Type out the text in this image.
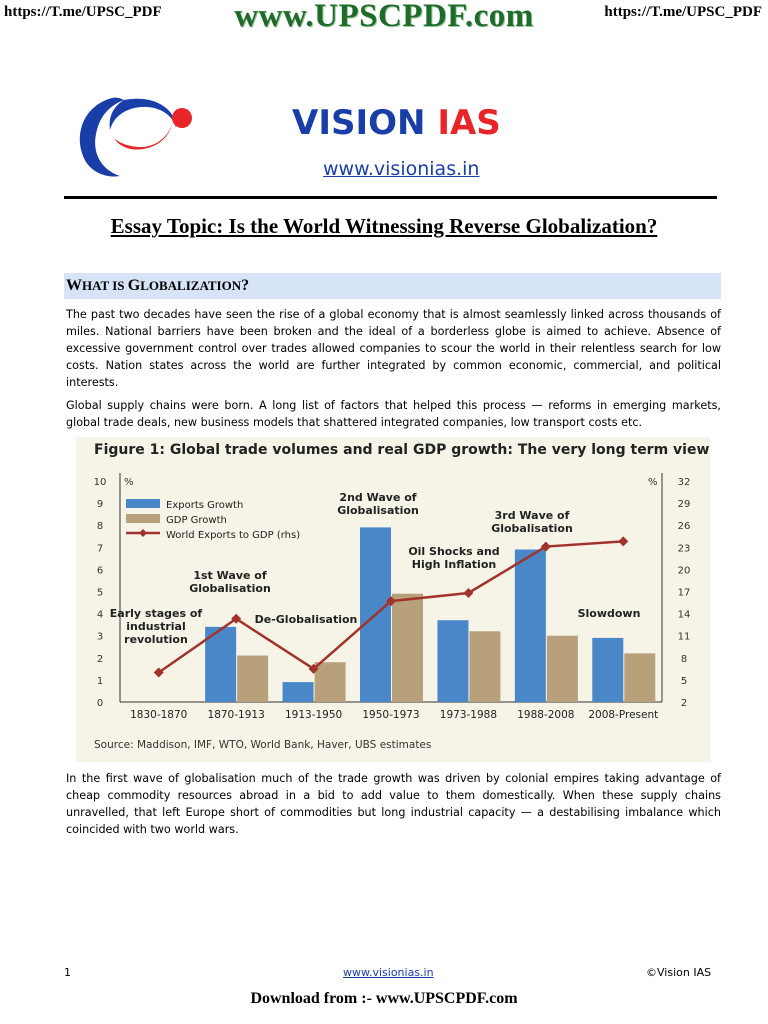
https://T.me/UPSC_PDF	www.UPSCPDF.com	https://T.me/UPSC_PDF
VISION IAS
www.visionias.in
Essay Topic: Is the World Witnessing Reverse Globalization?
WHAT IS GLOBALIZATION?
The past two decades have seen the rise of a global economy that is almost seamlessly linked across thousands of miles. National barriers have been broken and the ideal of a borderless globe is aimed to achieve. Absence of excessive government control over trades allowed companies to scour the world in their relentless search for low costs. Nation states across the world are further integrated by common economic, commercial, and political interests.
Global supply chains were born. A long list of factors that helped this process — reforms in emerging markets, global trade deals, new business models that shattered integrated companies, low transport costs etc.
Figure 1: Global trade volumes and real GDP growth: The very long term view²
0
1
2
3
4
5
6
7
8
9
10
2
5
8
11
14
17
20
23
26
29
32
%	%
1830-1870 1870-1913 1913-1950 1950-1973 1973-1988 1988-2008 2008-Present
Exports Growth
GDP Growth
World Exports to GDP (rhs)
Early stages of industrial revolution
1st Wave of Globalisation
De-Globalisation
2nd Wave of Globalisation
Oil Shocks and High Inflation
3rd Wave of Globalisation
Slowdown
Source: Maddison, IMF, WTO, World Bank, Haver, UBS estimates
In the first wave of globalisation much of the trade growth was driven by colonial empires taking advantage of cheap commodity resources abroad in a bid to add value to them domestically. When these supply chains unravelled, that left Europe short of commodities but long industrial capacity — a destabilising imbalance which coincided with two world wars.
1	www.visionias.in	©Vision IAS
Download from :- www.UPSCPDF.com
